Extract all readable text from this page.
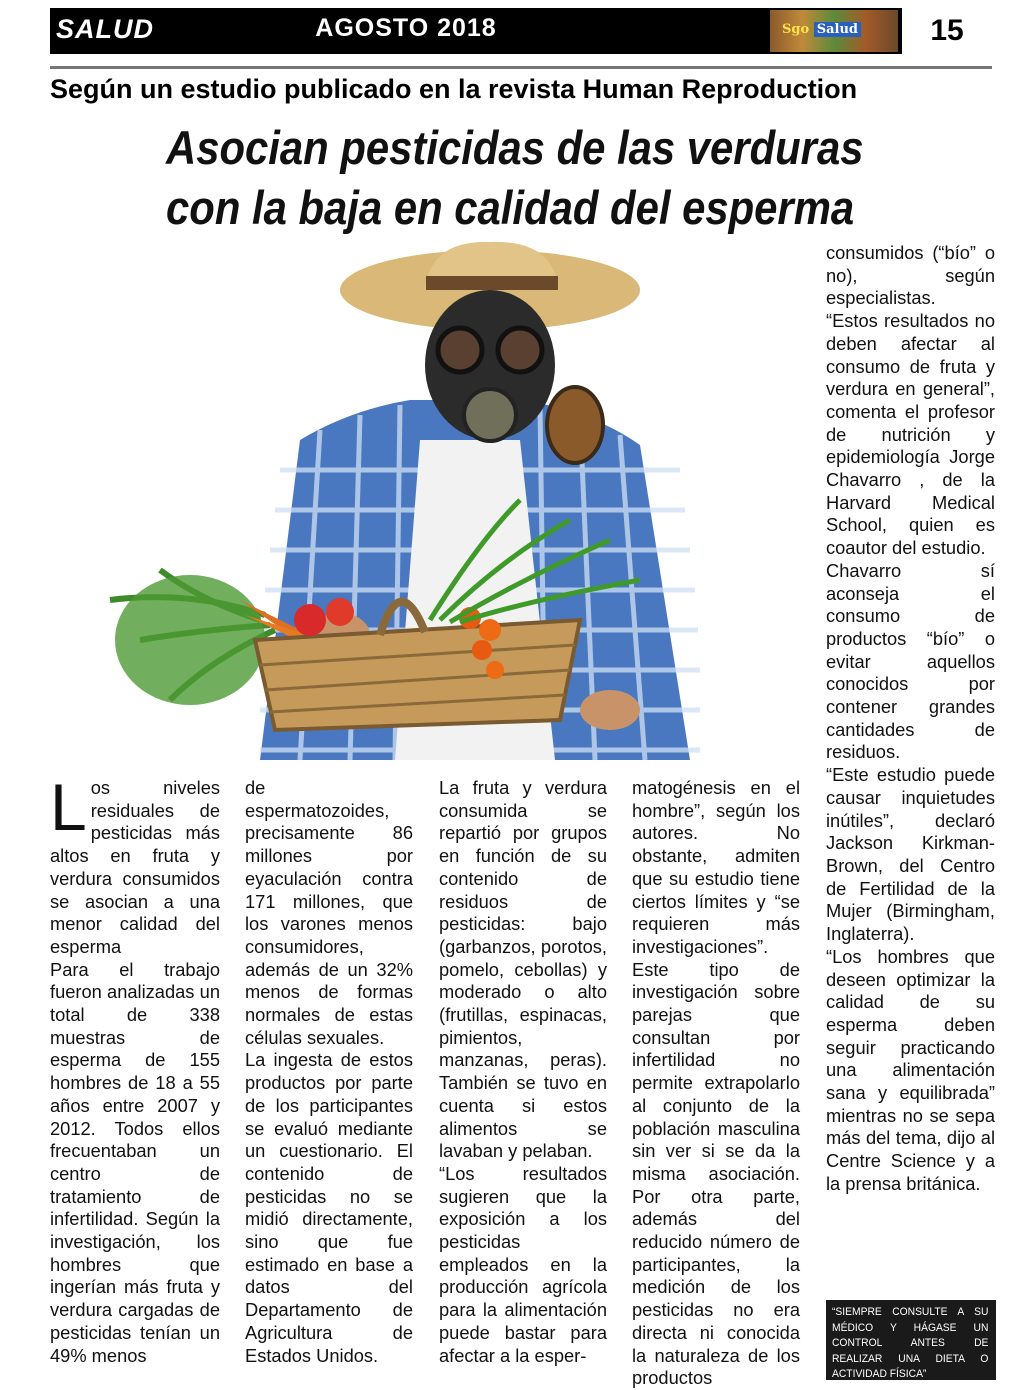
SALUD	AGOSTO 2018	Sgo Salud	15
Según un estudio publicado en la revista Human Reproduction
Asocian pesticidas de las verduras
con la baja en calidad del esperma
L os niveles residuales de pesticidas más altos en fruta y verdura consumidos se asocian a una menor calidad del esperma

Para el trabajo fueron analizadas un total de 338 muestras de esperma de 155 hombres de 18 a 55 años entre 2007 y 2012. Todos ellos frecuentaban un centro de tratamiento de infertilidad. Según la investigación, los hombres que ingerían más fruta y verdura cargadas de pesticidas tenían un 49% menos

de espermatozoides, precisamente 86 millones por eyaculación contra 171 millones, que los varones menos consumidores, además de un 32% menos de formas normales de estas células sexuales.

La ingesta de estos productos por parte de los participantes se evaluó mediante un cuestionario. El contenido de pesticidas no se midió directamente, sino que fue estimado en base a datos del Departamento de Agricultura de Estados Unidos.

La fruta y verdura consumida se repartió por grupos en función de su contenido de residuos de pesticidas: bajo (garbanzos, porotos, pomelo, cebollas) y moderado o alto (frutillas, espinacas, pimientos, manzanas, peras). También se tuvo en cuenta si estos alimentos se lavaban y pelaban.

“Los resultados sugieren que la exposición a los pesticidas empleados en la producción agrícola para la alimentación puede bastar para afectar a la esper-

matogénesis en el hombre”, según los autores. No obstante, admiten que su estudio tiene ciertos límites y “se requieren más investigaciones”.

Este tipo de investigación sobre parejas que consultan por infertilidad no permite extrapolarlo al conjunto de la población masculina sin ver si se da la misma asociación. Por otra parte, además del reducido número de participantes, la medición de los pesticidas no era directa ni conocida la naturaleza de los productos

consumidos (“bío” o no), según especialistas.

“Estos resultados no deben afectar al consumo de fruta y verdura en general”, comenta el profesor de nutrición y epidemiología Jorge Chavarro , de la Harvard Medical School, quien es coautor del estudio.

Chavarro sí aconseja el consumo de productos “bío” o evitar aquellos conocidos por contener grandes cantidades de residuos.

“Este estudio puede causar inquietudes inútiles”, declaró Jackson Kirkman-Brown, del Centro de Fertilidad de la Mujer (Birmingham, Inglaterra).

“Los hombres que deseen optimizar la calidad de su esperma deben seguir practicando una alimentación sana y equilibrada” mientras no se sepa más del tema, dijo al Centre Science y a la prensa británica.

“SIEMPRE CONSULTE A SU MÉDICO Y HÁGASE UN CONTROL ANTES DE REALIZAR UNA DIETA O ACTIVIDAD FÍSICA”
